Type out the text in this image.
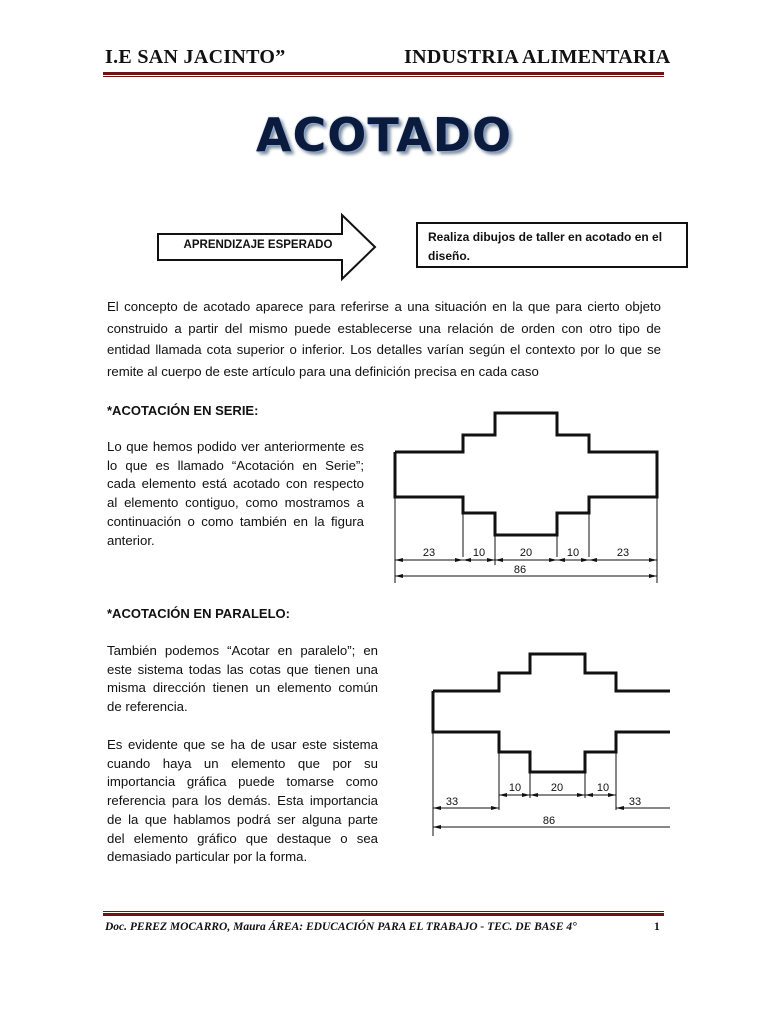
I.E SAN JACINTO”	INDUSTRIA ALIMENTARIA
ACOTADO
APRENDIZAJE ESPERADO
Realiza dibujos de taller en acotado en el diseño.
El concepto de acotado aparece para referirse a una situación en la que para cierto objeto construido a partir del mismo puede establecerse una relación de orden con otro tipo de entidad llamada cota superior o inferior. Los detalles varían según el contexto por lo que se remite al cuerpo de este artículo para una definición precisa en cada caso
*ACOTACIÓN EN SERIE:
Lo que hemos podido ver anteriormente es lo que es llamado “Acotación en Serie”; cada elemento está acotado con respecto al elemento contiguo, como mostramos a continuación o como también en la figura anterior.
23	10	20	10	23
86
*ACOTACIÓN EN PARALELO:
También podemos “Acotar en paralelo”; en este sistema todas las cotas que tienen una misma dirección tienen un elemento común de referencia.
Es evidente que se ha de usar este sistema cuando haya un elemento que por su importancia gráfica puede tomarse como referencia para los demás. Esta importancia de la que hablamos podrá ser alguna parte del elemento gráfico que destaque o sea demasiado particular por la forma.
33
10	20	10
33
86
Doc. PEREZ MOCARRO, Maura ÁREA: EDUCACIÓN PARA EL TRABAJO - TEC. DE BASE 4°	1
